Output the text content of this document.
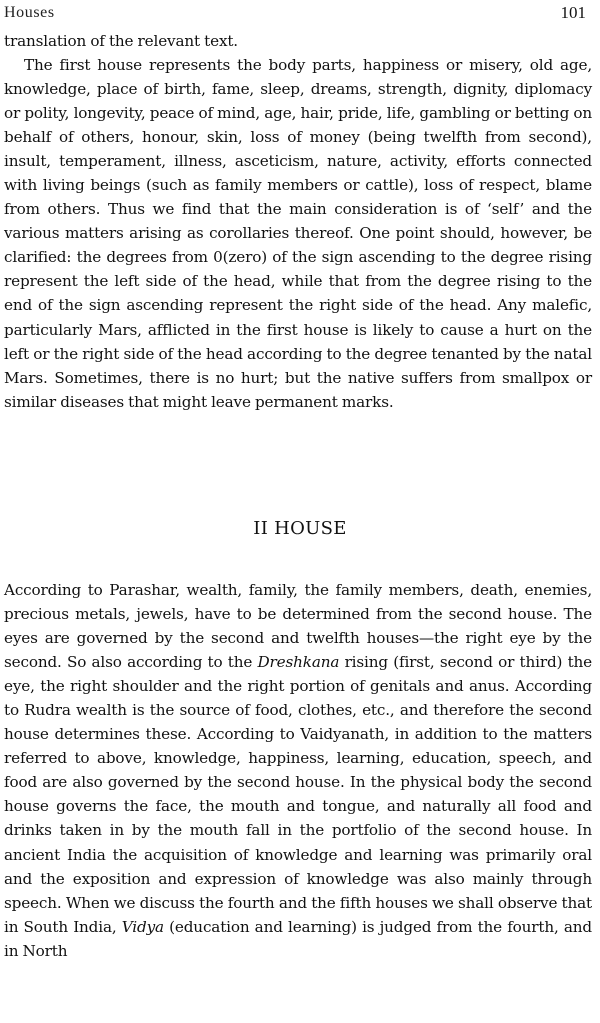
Houses	101

translation of the relevant text.

The first house represents the body parts, happiness or misery, old age, knowledge, place of birth, fame, sleep, dreams, strength, dignity, diplomacy or polity, longevity, peace of mind, age, hair, pride, life, gambling or betting on behalf of others, honour, skin, loss of money (being twelfth from second), insult, temperament, illness, asceticism, nature, activity, efforts connected with living beings (such as family members or cattle), loss of respect, blame from others. Thus we find that the main consideration is of ‘self’ and the various matters arising as corollaries thereof. One point should, however, be clarified: the degrees from 0(zero) of the sign ascending to the degree rising represent the left side of the head, while that from the degree rising to the end of the sign ascending represent the right side of the head. Any malefic, particularly Mars, afflicted in the first house is likely to cause a hurt on the left or the right side of the head according to the degree tenanted by the natal Mars. Sometimes, there is no hurt; but the native suffers from smallpox or similar diseases that might leave permanent marks.

II HOUSE

According to Parashar, wealth, family, the family members, death, enemies, precious metals, jewels, have to be determined from the second house. The eyes are governed by the second and twelfth houses—the right eye by the second. So also according to the Dreshkana rising (first, second or third) the eye, the right shoulder and the right portion of genitals and anus. According to Rudra wealth is the source of food, clothes, etc., and therefore the second house determines these. According to Vaidyanath, in addition to the matters referred to above, knowledge, happiness, learning, education, speech, and food are also governed by the second house. In the physical body the second house governs the face, the mouth and tongue, and naturally all food and drinks taken in by the mouth fall in the portfolio of the second house. In ancient India the acquisition of knowledge and learning was primarily oral and the exposition and expression of knowledge was also mainly through speech. When we discuss the fourth and the fifth houses we shall observe that in South India, Vidya (education and learning) is judged from the fourth, and in North
